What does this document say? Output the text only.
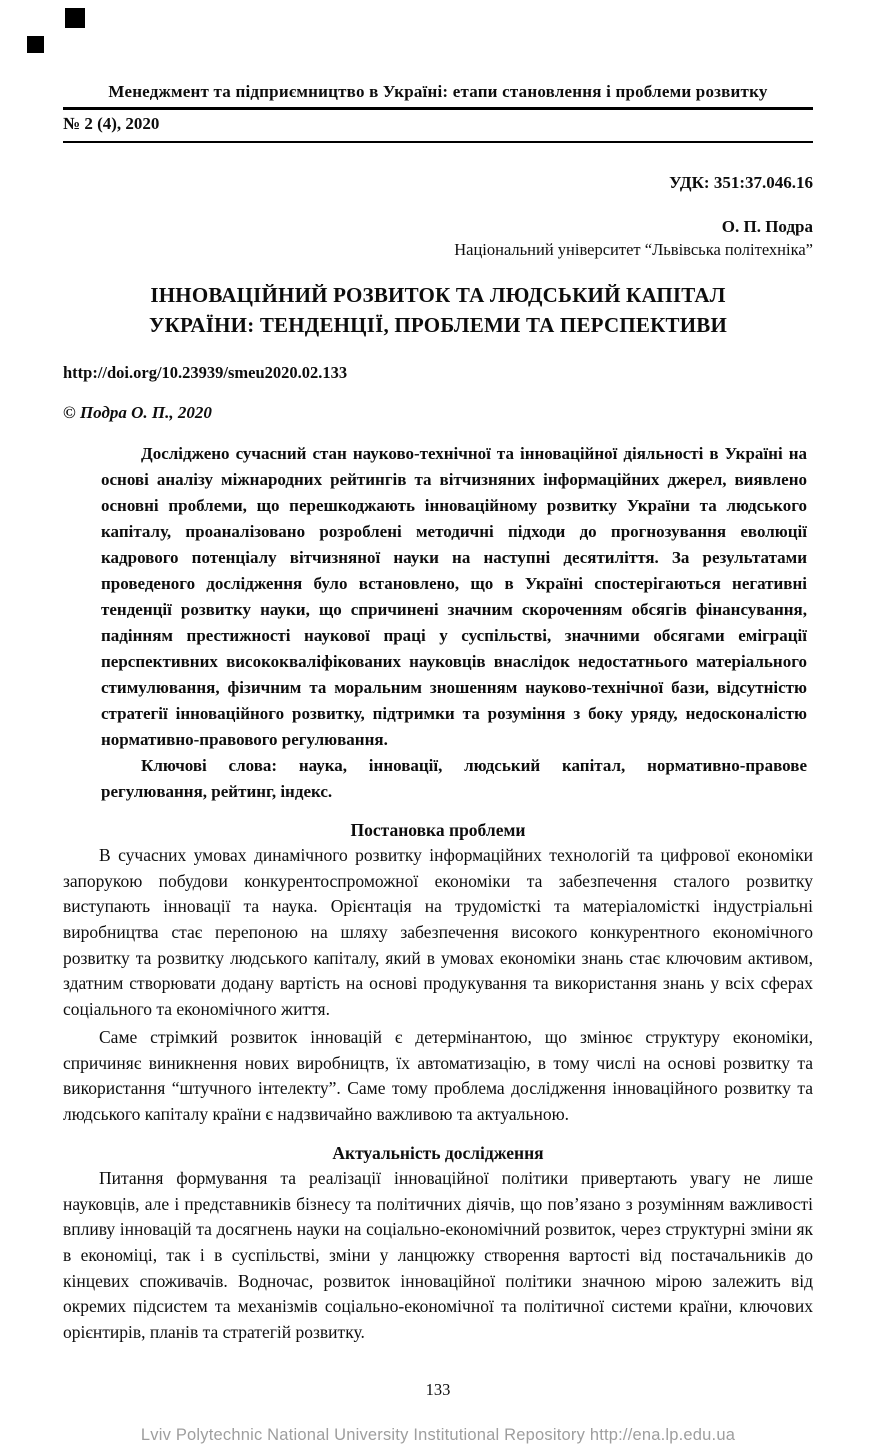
Менеджмент та підприємництво в Україні: етапи становлення і проблеми розвитку
№ 2 (4), 2020
УДК: 351:37.046.16
О. П. Подра
Національний університет “Львівська політехніка”
ІННОВАЦІЙНИЙ РОЗВИТОК ТА ЛЮДСЬКИЙ КАПІТАЛ
УКРАЇНИ: ТЕНДЕНЦІЇ, ПРОБЛЕМИ ТА ПЕРСПЕКТИВИ
http://doi.org/10.23939/smeu2020.02.133
© Подра О. П., 2020

Досліджено сучасний стан науково-технічної та інноваційної діяльності в Україні на основі аналізу міжнародних рейтингів та вітчизняних інформаційних джерел, виявлено основні проблеми, що перешкоджають інноваційному розвитку України та людського капіталу, проаналізовано розроблені методичні підходи до прогнозування еволюції кадрового потенціалу вітчизняної науки на наступні десятиліття. За результатами проведеного дослідження було встановлено, що в Україні спостерігаються негативні тенденції розвитку науки, що спричинені значним скороченням обсягів фінансування, падінням престижності наукової праці у суспільстві, значними обсягами еміграції перспективних висококваліфікованих науковців внаслідок недостатнього матеріального стимулювання, фізичним та моральним зношенням науково-технічної бази, відсутністю стратегії інноваційного розвитку, підтримки та розуміння з боку уряду, недосконалістю нормативно-правового регулювання.

Ключові слова: наука, інновації, людський капітал, нормативно-правове регулювання, рейтинг, індекс.

Постановка проблеми

В сучасних умовах динамічного розвитку інформаційних технологій та цифрової економіки запорукою побудови конкурентоспроможної економіки та забезпечення сталого розвитку виступають інновації та наука. Орієнтація на трудомісткі та матеріаломісткі індустріальні виробництва стає перепоною на шляху забезпечення високого конкурентного економічного розвитку та розвитку людського капіталу, який в умовах економіки знань стає ключовим активом, здатним створювати додану вартість на основі продукування та використання знань у всіх сферах соціального та економічного життя.

Саме стрімкий розвиток інновацій є детермінантою, що змінює структуру економіки, спричиняє виникнення нових виробництв, їх автоматизацію, в тому числі на основі розвитку та використання “штучного інтелекту”. Саме тому проблема дослідження інноваційного розвитку та людського капіталу країни є надзвичайно важливою та актуальною.

Актуальність дослідження

Питання формування та реалізації інноваційної політики привертають увагу не лише науковців, але і представників бізнесу та політичних діячів, що пов’язано з розумінням важливості впливу інновацій та досягнень науки на соціально-економічний розвиток, через структурні зміни як в економіці, так і в суспільстві, зміни у ланцюжку створення вартості від постачальників до кінцевих споживачів. Водночас, розвиток інноваційної політики значною мірою залежить від окремих підсистем та механізмів соціально-економічної та політичної системи країни, ключових орієнтирів, планів та стратегій розвитку.

133
Lviv Polytechnic National University Institutional Repository http://ena.lp.edu.ua
